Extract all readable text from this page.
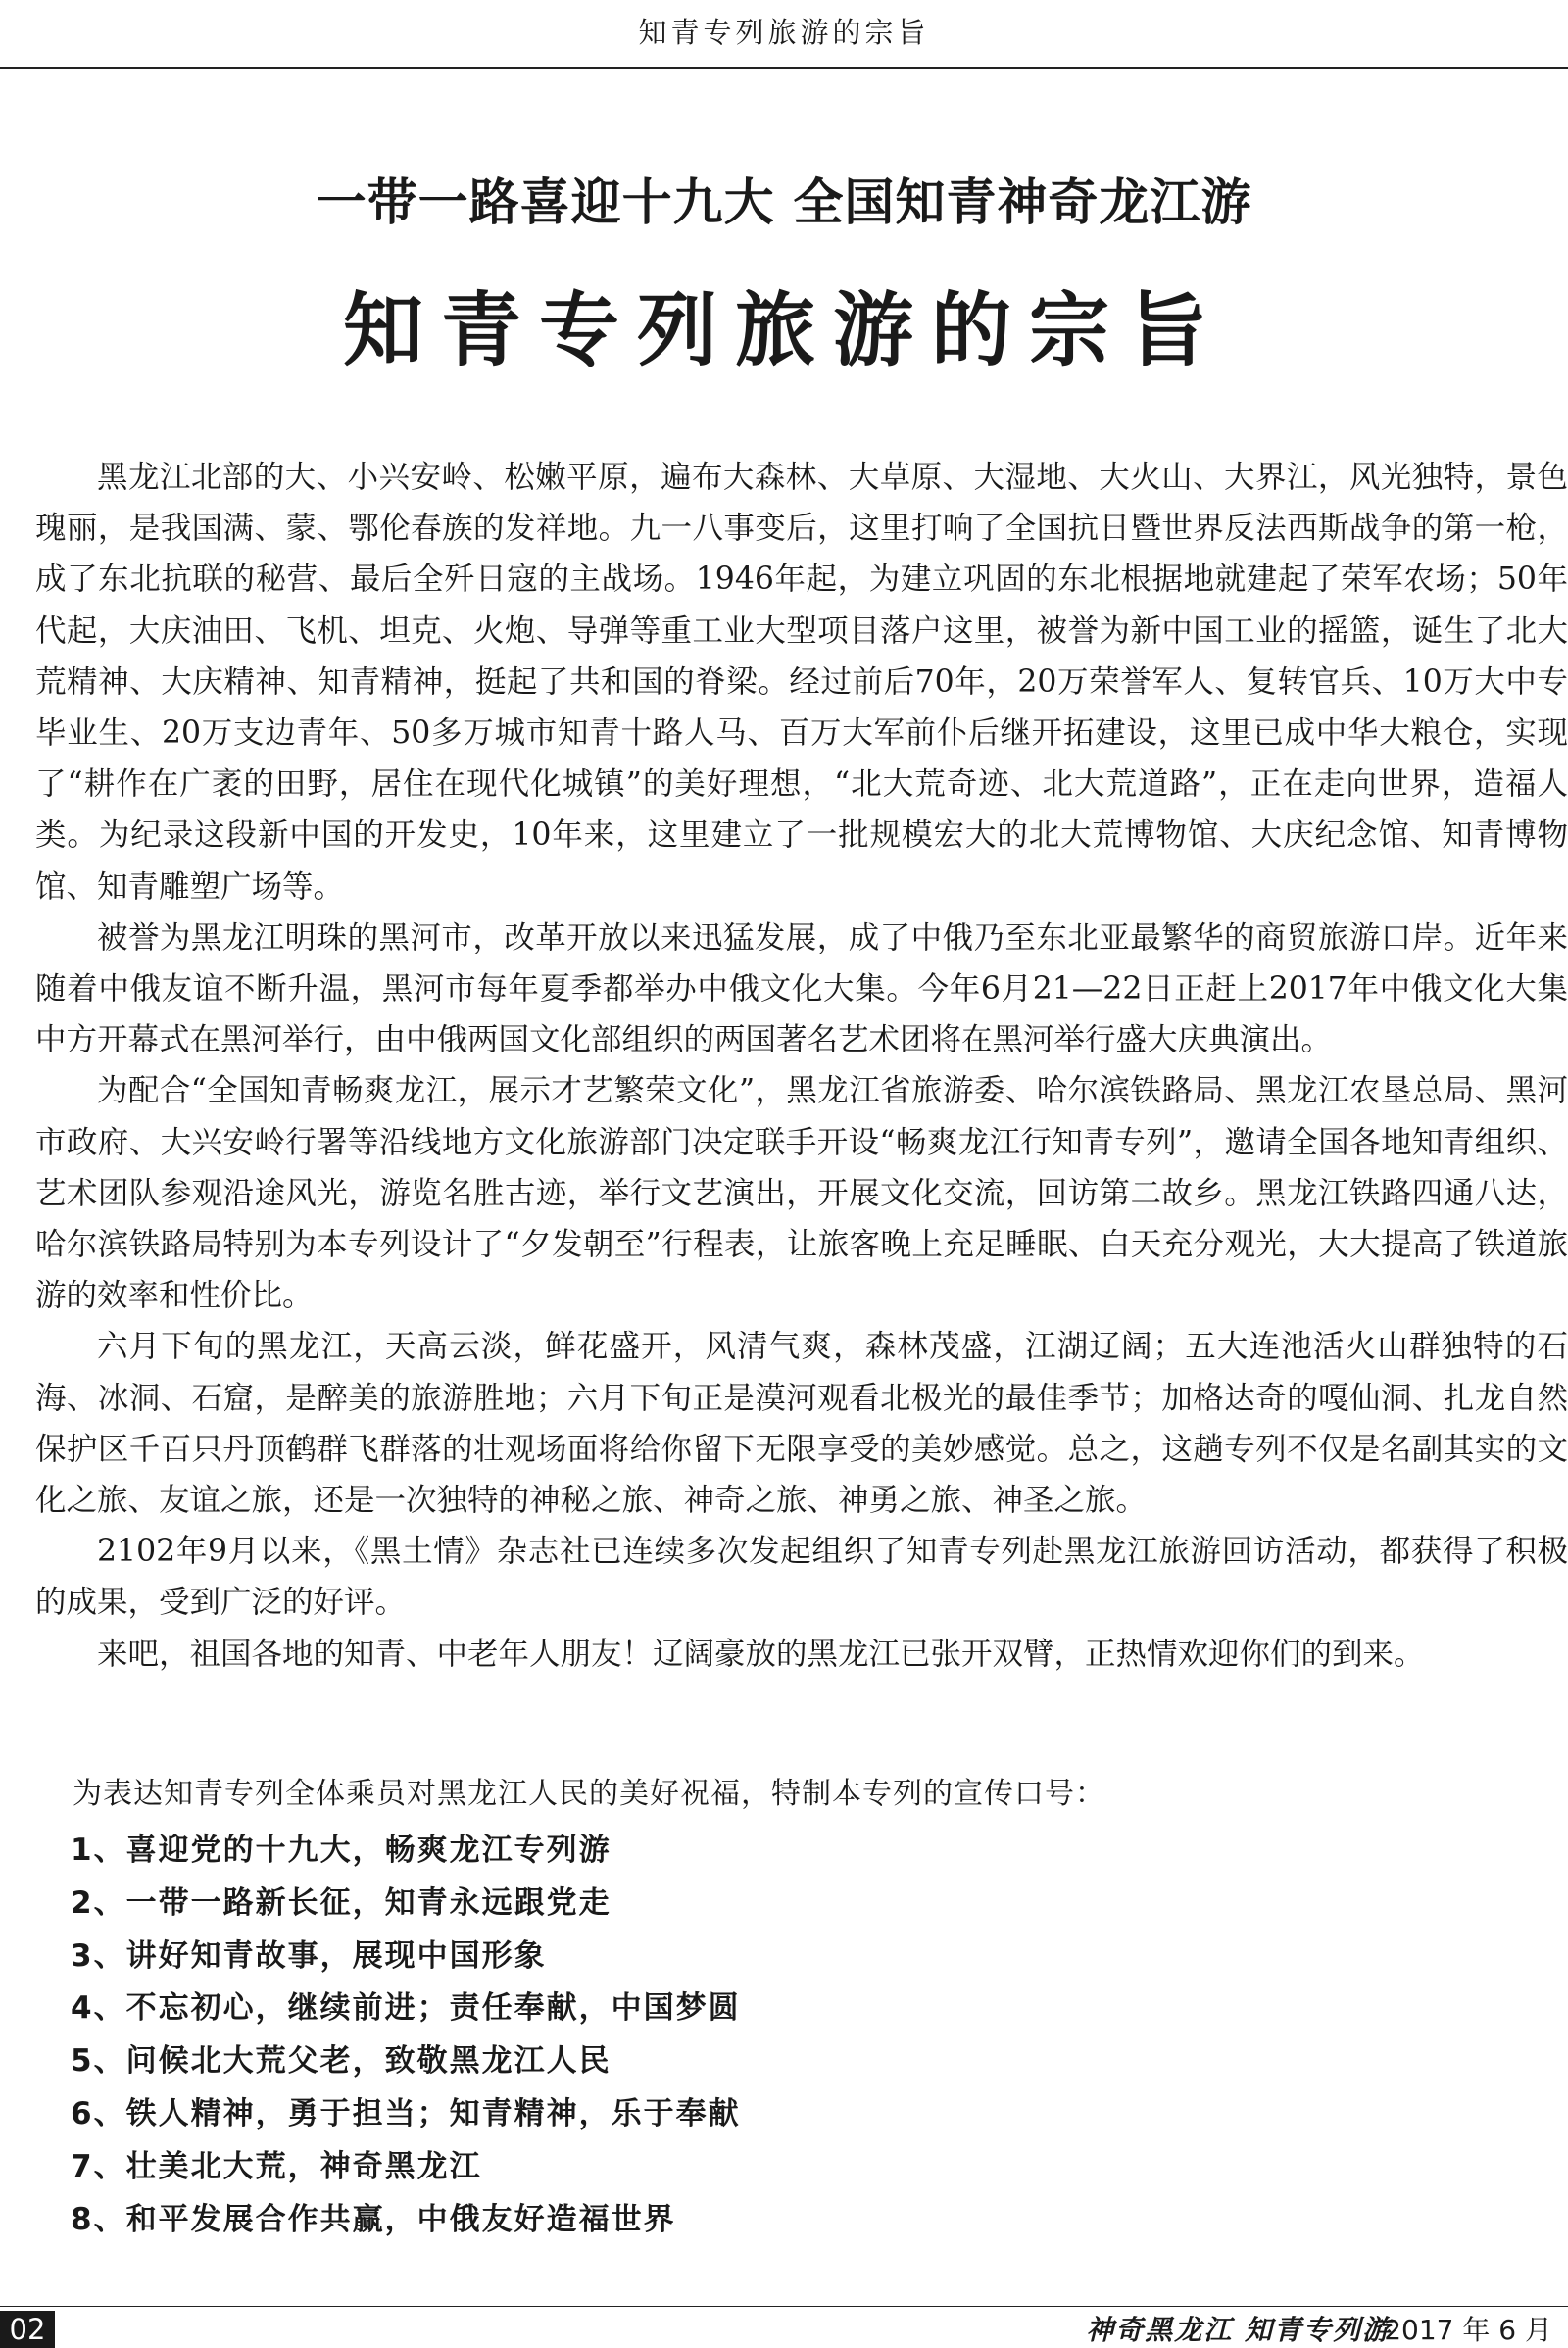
知青专列旅游的宗旨
一带一路喜迎十九大 全国知青神奇龙江游
知青专列旅游的宗旨

黑龙江北部的大、小兴安岭、松嫩平原，遍布大森林、大草原、大湿地、大火山、大界江，风光独特，景色瑰丽，是我国满、蒙、鄂伦春族的发祥地。九一八事变后，这里打响了全国抗日暨世界反法西斯战争的第一枪，成了东北抗联的秘营、最后全歼日寇的主战场。1946年起，为建立巩固的东北根据地就建起了荣军农场；50年代起，大庆油田、飞机、坦克、火炮、导弹等重工业大型项目落户这里，被誉为新中国工业的摇篮，诞生了北大荒精神、大庆精神、知青精神，挺起了共和国的脊梁。经过前后70年，20万荣誉军人、复转官兵、10万大中专毕业生、20万支边青年、50多万城市知青十路人马、百万大军前仆后继开拓建设，这里已成中华大粮仓，实现了“耕作在广袤的田野，居住在现代化城镇”的美好理想，“北大荒奇迹、北大荒道路”，正在走向世界，造福人类。为纪录这段新中国的开发史，10年来，这里建立了一批规模宏大的北大荒博物馆、大庆纪念馆、知青博物馆、知青雕塑广场等。

被誉为黑龙江明珠的黑河市，改革开放以来迅猛发展，成了中俄乃至东北亚最繁华的商贸旅游口岸。近年来随着中俄友谊不断升温，黑河市每年夏季都举办中俄文化大集。今年6月21—22日正赶上2017年中俄文化大集中方开幕式在黑河举行，由中俄两国文化部组织的两国著名艺术团将在黑河举行盛大庆典演出。

为配合“全国知青畅爽龙江，展示才艺繁荣文化”，黑龙江省旅游委、哈尔滨铁路局、黑龙江农垦总局、黑河市政府、大兴安岭行署等沿线地方文化旅游部门决定联手开设“畅爽龙江行知青专列”，邀请全国各地知青组织、艺术团队参观沿途风光，游览名胜古迹，举行文艺演出，开展文化交流，回访第二故乡。黑龙江铁路四通八达，哈尔滨铁路局特别为本专列设计了“夕发朝至”行程表，让旅客晚上充足睡眠、白天充分观光，大大提高了铁道旅游的效率和性价比。

六月下旬的黑龙江，天高云淡，鲜花盛开，风清气爽，森林茂盛，江湖辽阔；五大连池活火山群独特的石海、冰洞、石窟，是醉美的旅游胜地；六月下旬正是漠河观看北极光的最佳季节；加格达奇的嘎仙洞、扎龙自然保护区千百只丹顶鹤群飞群落的壮观场面将给你留下无限享受的美妙感觉。总之，这趟专列不仅是名副其实的文化之旅、友谊之旅，还是一次独特的神秘之旅、神奇之旅、神勇之旅、神圣之旅。

2102年9月以来，《黑土情》杂志社已连续多次发起组织了知青专列赴黑龙江旅游回访活动，都获得了积极的成果，受到广泛的好评。

来吧，祖国各地的知青、中老年人朋友！辽阔豪放的黑龙江已张开双臂，正热情欢迎你们的到来。

为表达知青专列全体乘员对黑龙江人民的美好祝福，特制本专列的宣传口号：
1、喜迎党的十九大，畅爽龙江专列游
2、一带一路新长征，知青永远跟党走
3、讲好知青故事，展现中国形象
4、不忘初心，继续前进；责任奉献，中国梦圆
5、问候北大荒父老，致敬黑龙江人民
6、铁人精神，勇于担当；知青精神，乐于奉献
7、壮美北大荒，神奇黑龙江
8、和平发展合作共赢，中俄友好造福世界
02	神奇黑龙江 知青专列游
2017 年 6 月
